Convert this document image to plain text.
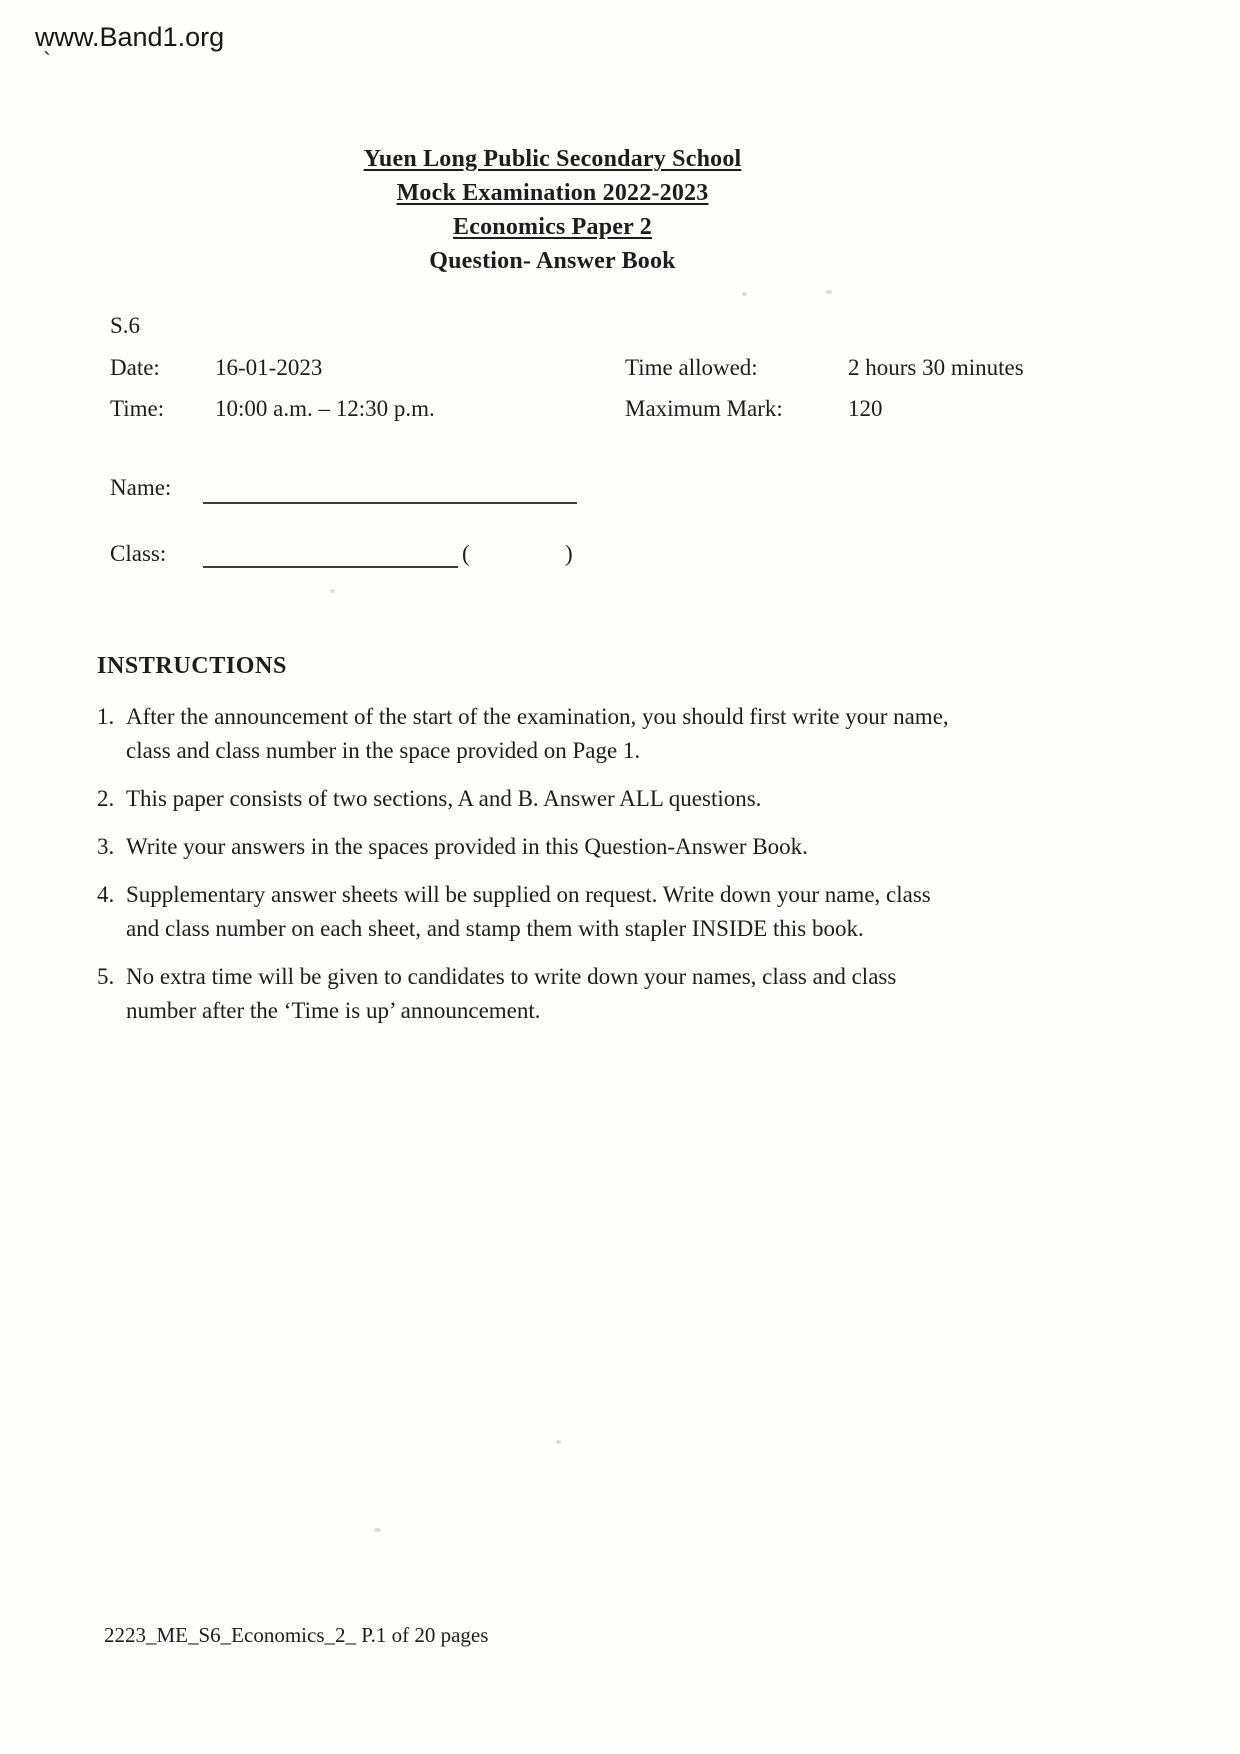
www.Band1.org
`
Yuen Long Public Secondary School
Mock Examination 2022-2023
Economics Paper 2
Question- Answer Book
S.6
Date: 16-01-2023
Time: 10:00 a.m. – 12:30 p.m.
Time allowed:	2 hours 30 minutes
Maximum Mark:	120
Name:
Class:	(	)
INSTRUCTIONS
1. After the announcement of the start of the examination, you should first write your name,
class and class number in the space provided on Page 1.
2. This paper consists of two sections, A and B. Answer ALL questions.
3. Write your answers in the spaces provided in this Question-Answer Book.
4. Supplementary answer sheets will be supplied on request. Write down your name, class
and class number on each sheet, and stamp them with stapler INSIDE this book.
5. No extra time will be given to candidates to write down your names, class and class
number after the ‘Time is up’ announcement.
2223_ME_S6_Economics_2_ P.1 of 20 pages
